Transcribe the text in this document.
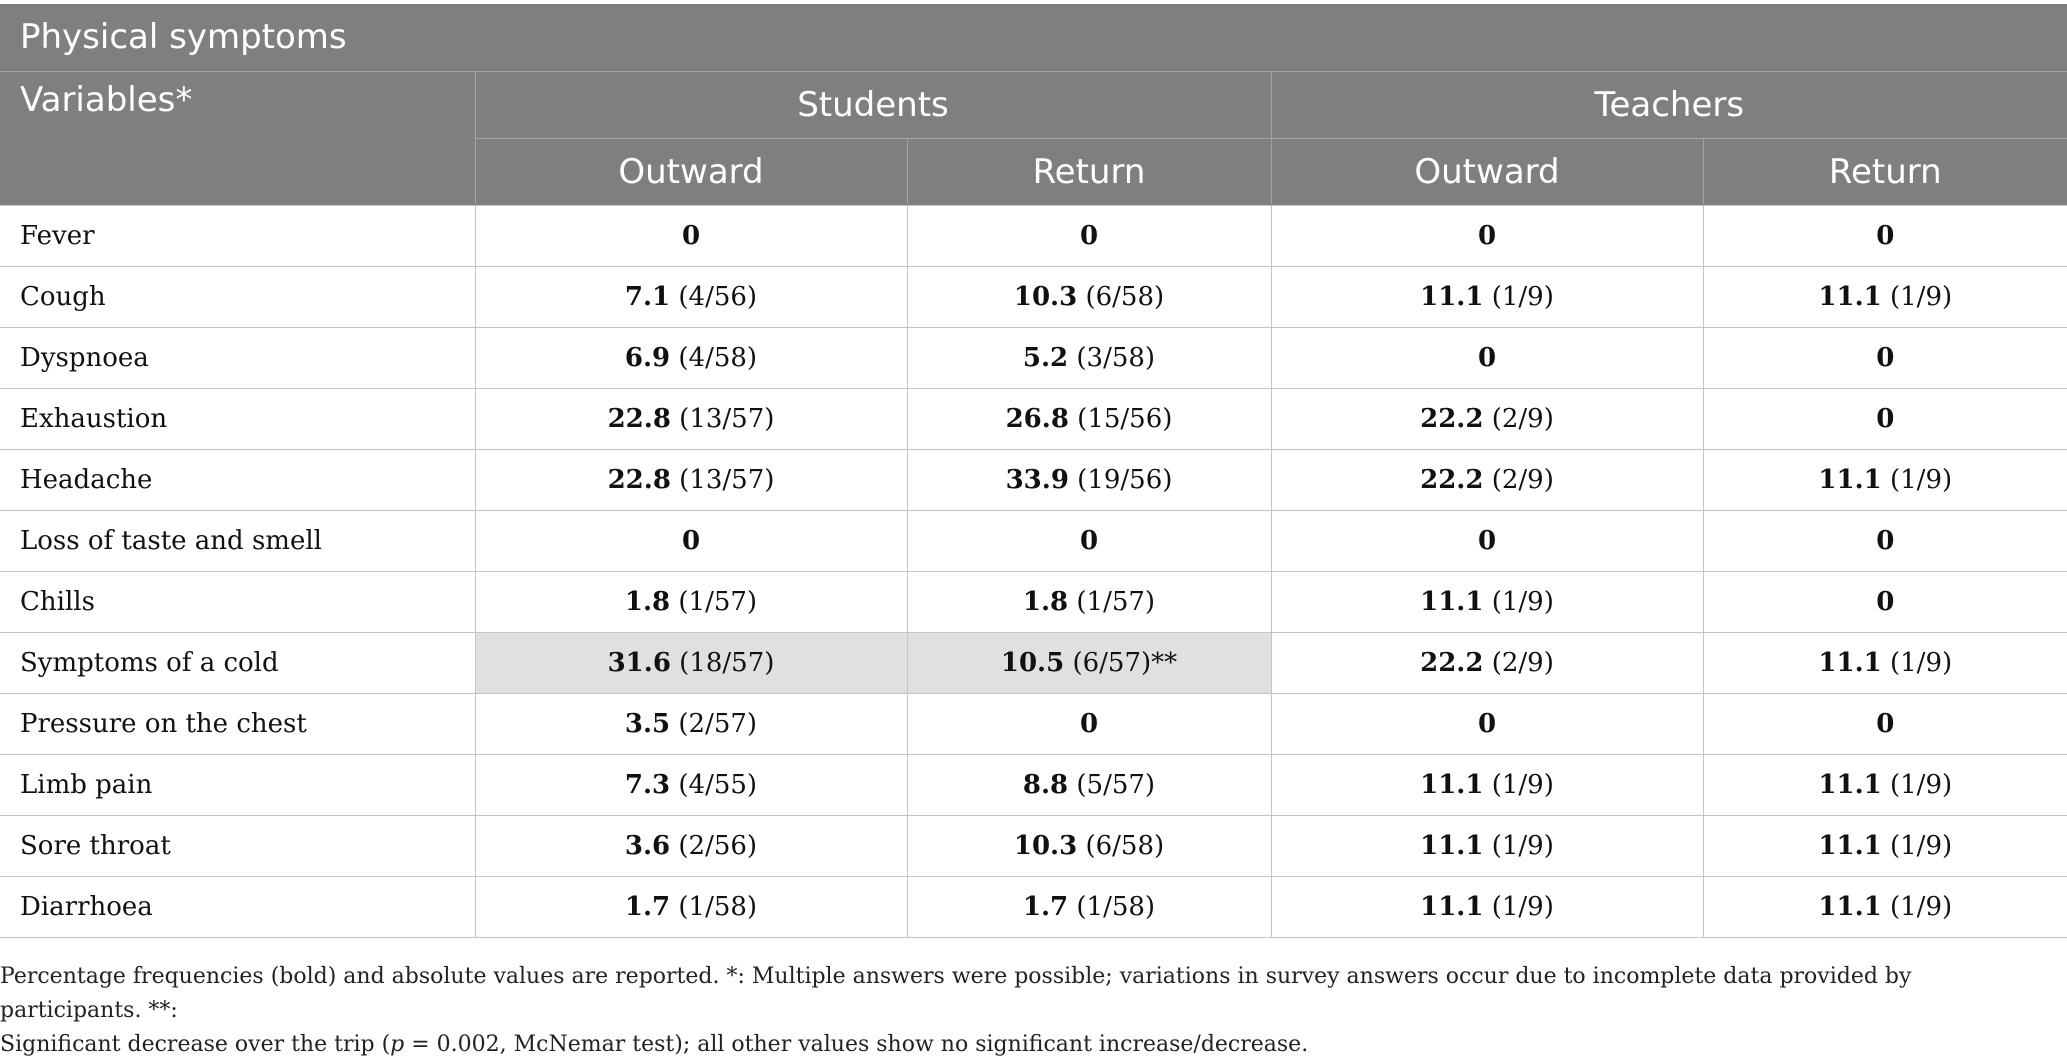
Physical symptoms				
Variables*	Students		Teachers	
	Outward	Return	Outward	Return
Fever	0	0	0	0
Cough	7.1 (4/56)	10.3 (6/58)	11.1 (1/9)	11.1 (1/9)
Dyspnoea	6.9 (4/58)	5.2 (3/58)	0	0
Exhaustion	22.8 (13/57)	26.8 (15/56)	22.2 (2/9)	0
Headache	22.8 (13/57)	33.9 (19/56)	22.2 (2/9)	11.1 (1/9)
Loss of taste and smell	0	0	0	0
Chills	1.8 (1/57)	1.8 (1/57)	11.1 (1/9)	0
Symptoms of a cold	31.6 (18/57)	10.5 (6/57)**	22.2 (2/9)	11.1 (1/9)
Pressure on the chest	3.5 (2/57)	0	0	0
Limb pain	7.3 (4/55)	8.8 (5/57)	11.1 (1/9)	11.1 (1/9)
Sore throat	3.6 (2/56)	10.3 (6/58)	11.1 (1/9)	11.1 (1/9)
Diarrhoea	1.7 (1/58)	1.7 (1/58)	11.1 (1/9)	11.1 (1/9)
Percentage frequencies (bold) and absolute values are reported. *: Multiple answers were possible; variations in survey answers occur due to incomplete data provided by participants. **:
Significant decrease over the trip (p = 0.002, McNemar test); all other values show no significant increase/decrease.
